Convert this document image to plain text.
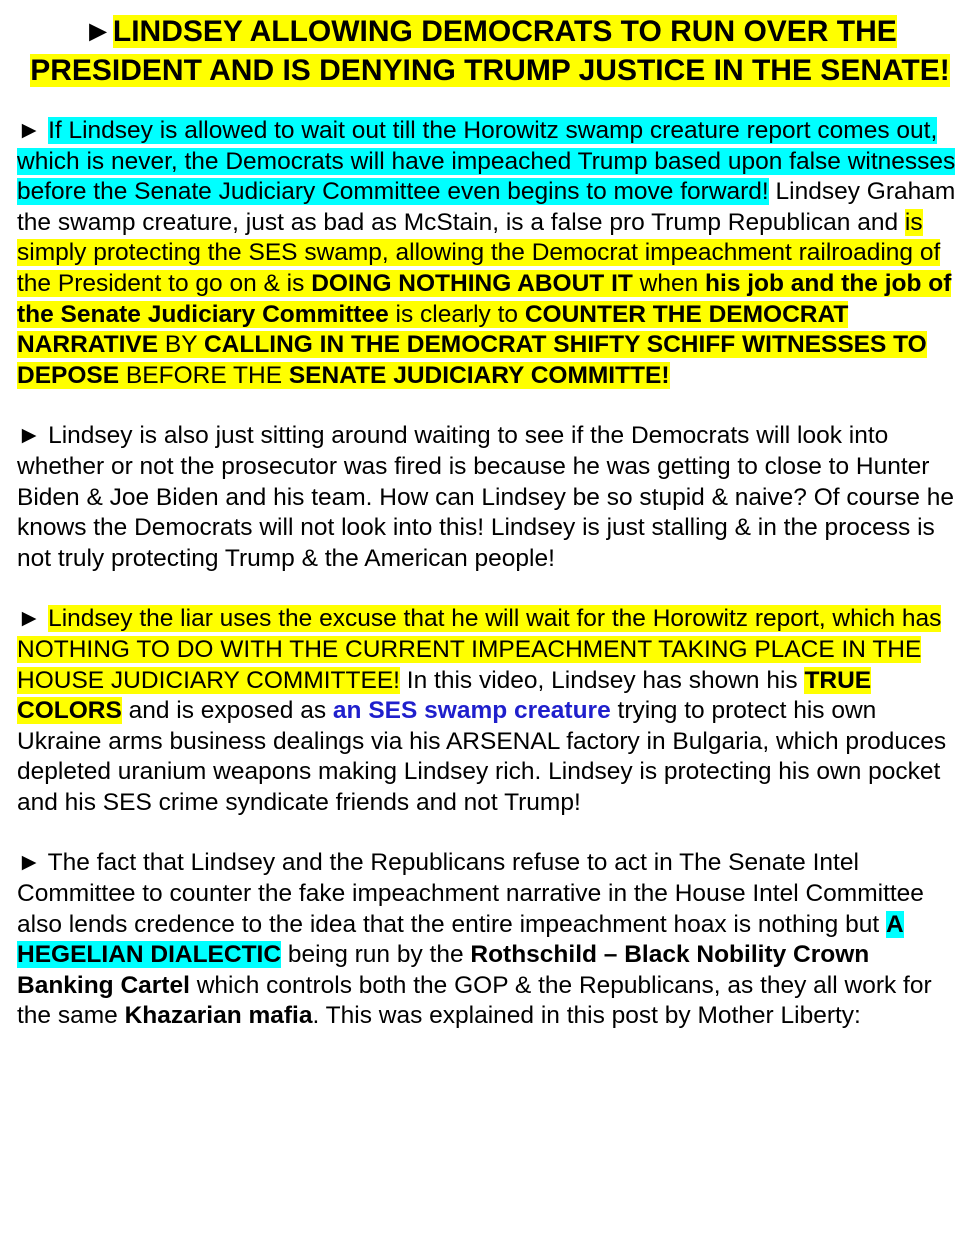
►LINDSEY ALLOWING DEMOCRATS TO RUN OVER THE PRESIDENT AND IS DENYING TRUMP JUSTICE IN THE SENATE!

► If Lindsey is allowed to wait out till the Horowitz swamp creature report comes out, which is never, the Democrats will have impeached Trump based upon false witnesses before the Senate Judiciary Committee even begins to move forward! Lindsey Graham the swamp creature, just as bad as McStain, is a false pro Trump Republican and is simply protecting the SES swamp, allowing the Democrat impeachment railroading of the President to go on & is DOING NOTHING ABOUT IT when his job and the job of the Senate Judiciary Committee is clearly to COUNTER THE DEMOCRAT NARRATIVE BY CALLING IN THE DEMOCRAT SHIFTY SCHIFF WITNESSES TO DEPOSE BEFORE THE SENATE JUDICIARY COMMITTE!

► Lindsey is also just sitting around waiting to see if the Democrats will look into whether or not the prosecutor was fired is because he was getting to close to Hunter Biden & Joe Biden and his team. How can Lindsey be so stupid & naive? Of course he knows the Democrats will not look into this! Lindsey is just stalling & in the process is not truly protecting Trump & the American people!

► Lindsey the liar uses the excuse that he will wait for the Horowitz report, which has NOTHING TO DO WITH THE CURRENT IMPEACHMENT TAKING PLACE IN THE HOUSE JUDICIARY COMMITTEE! In this video, Lindsey has shown his TRUE COLORS and is exposed as an SES swamp creature trying to protect his own Ukraine arms business dealings via his ARSENAL factory in Bulgaria, which produces depleted uranium weapons making Lindsey rich. Lindsey is protecting his own pocket and his SES crime syndicate friends and not Trump!

► The fact that Lindsey and the Republicans refuse to act in The Senate Intel Committee to counter the fake impeachment narrative in the House Intel Committee also lends credence to the idea that the entire impeachment hoax is nothing but A HEGELIAN DIALECTIC being run by the Rothschild – Black Nobility Crown Banking Cartel which controls both the GOP & the Republicans, as they all work for the same Khazarian mafia. This was explained in this post by Mother Liberty:
